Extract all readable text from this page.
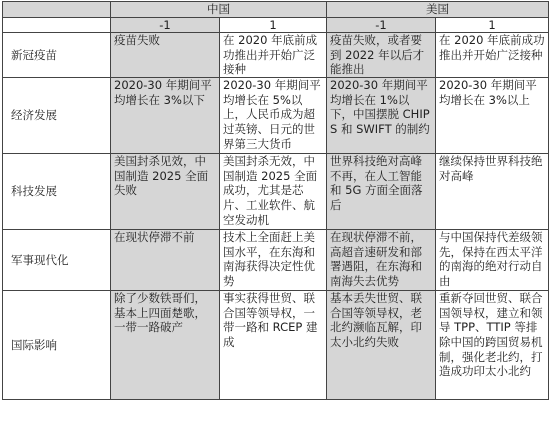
	中国		美国	
	-1	1	-1	1
新冠疫苗	疫苗失败	在 2020 年底前成功推出并开始广泛接种	疫苗失败，或者要到 2022 年以后才能推出	在 2020 年底前成功推出并开始广泛接种
经济发展	2020-30 年期间平均增长在 3%以下	2020-30 年期间平均增长在 5%以上，人民币成为超过英镑、日元的世界第三大货币	2020-30 年期间平均增长在 1%以下，中国摆脱 CHIPS 和 SWIFT 的制约	2020-30 年期间平均增长在 3%以上
科技发展	美国封杀见效，中国制造 2025 全面失败	美国封杀无效，中国制造 2025 全面成功，尤其是芯片、工业软件、航空发动机	世界科技绝对高峰不再，在人工智能和 5G 方面全面落后	继续保持世界科技绝对高峰
军事现代化	在现状停滞不前	技术上全面赶上美国水平，在东海和南海获得决定性优势	在现状停滞不前，高超音速研发和部署遇阻，在东海和南海失去优势	与中国保持代差级领先，保持在西太平洋的南海的绝对行动自由
国际影响	除了少数铁哥们，基本上四面楚歌，一带一路破产	事实获得世贸、联合国等领导权，一带一路和 RCEP 建成	基本丢失世贸、联合国等领导权，老北约濒临瓦解，印太小北约失败	重新夺回世贸、联合国领导权，建立和领导 TPP、TTIP 等排除中国的跨国贸易机制，强化老北约，打造成功印太小北约
